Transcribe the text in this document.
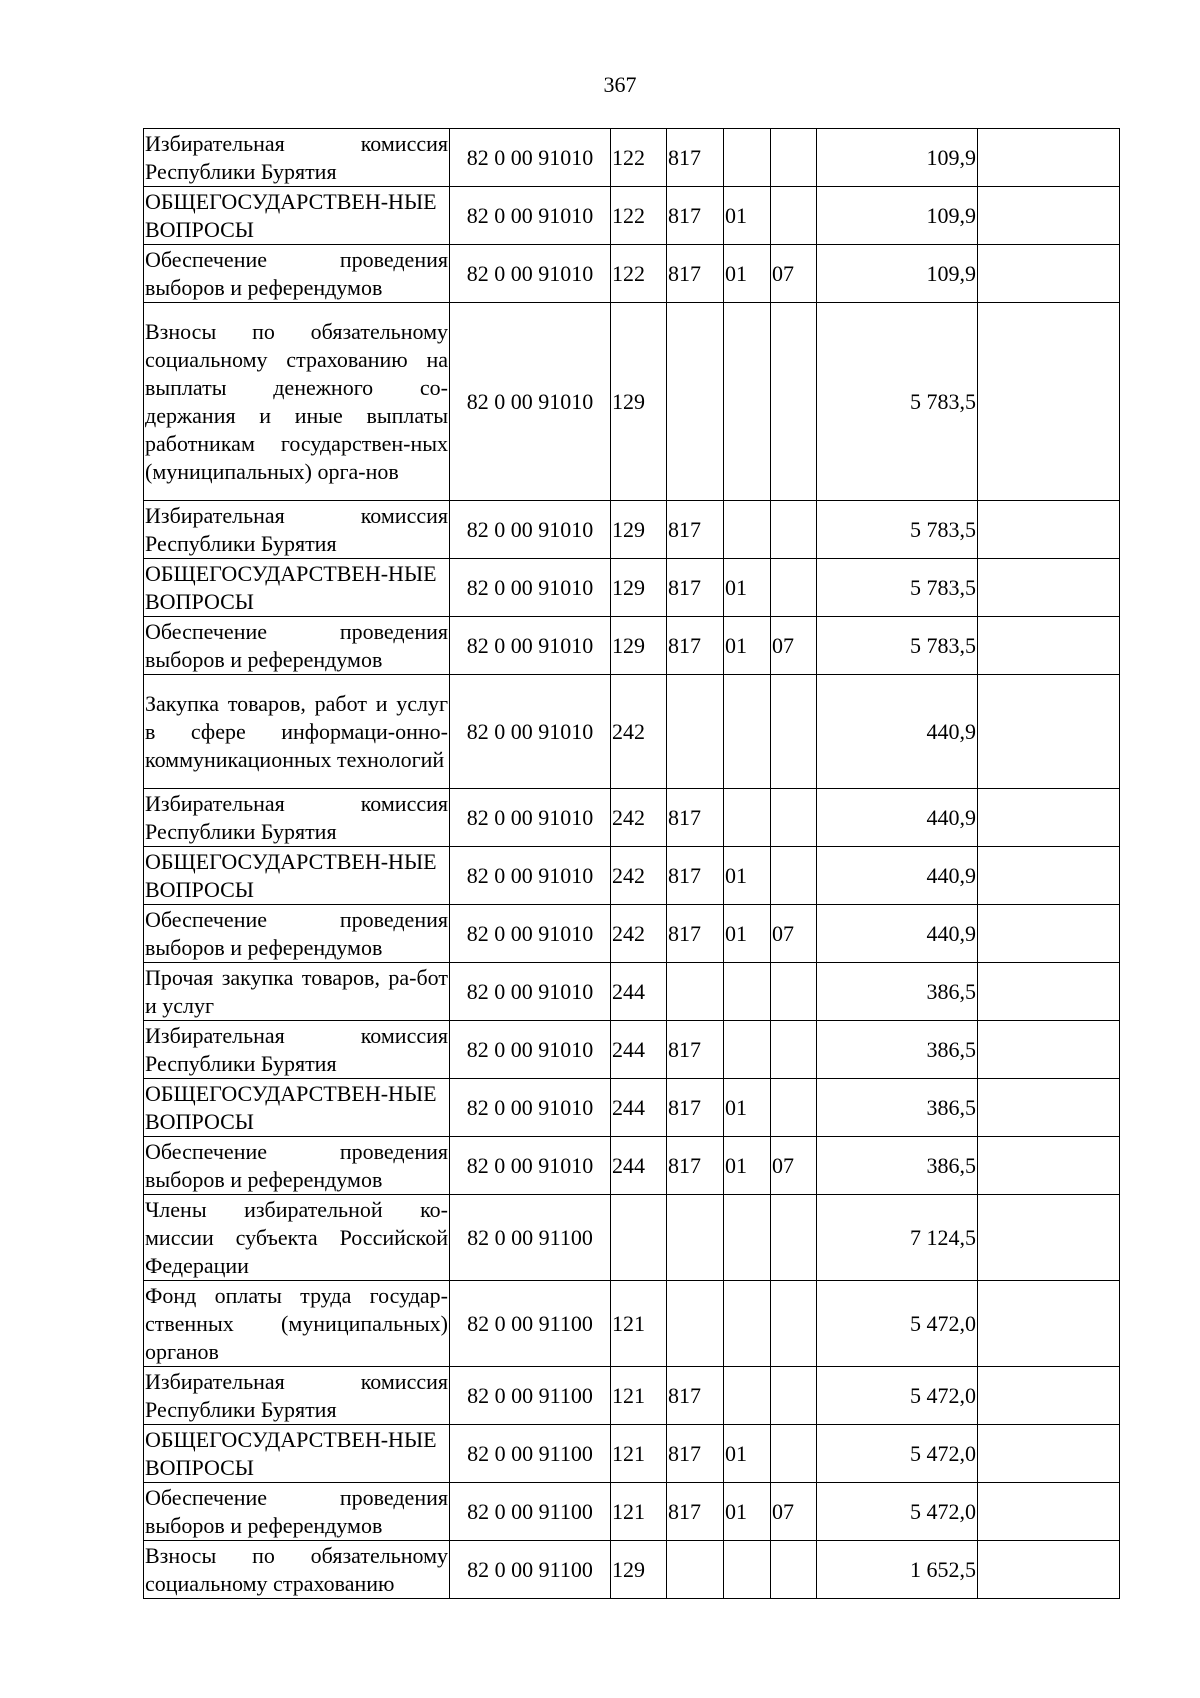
367
Избирательная комиссия Республики Бурятия	82 0 00 91010	122	817			109,9	
ОБЩЕГОСУДАРСТВЕН-НЫЕ ВОПРОСЫ	82 0 00 91010	122	817	01		109,9	
Обеспечение проведения выборов и референдумов	82 0 00 91010	122	817	01	07	109,9	
Взносы по обязательному социальному страхованию на выплаты денежного со-держания и иные выплаты работникам государствен-ных (муниципальных) орга-нов	82 0 00 91010	129				5 783,5	
Избирательная комиссия Республики Бурятия	82 0 00 91010	129	817			5 783,5	
ОБЩЕГОСУДАРСТВЕН-НЫЕ ВОПРОСЫ	82 0 00 91010	129	817	01		5 783,5	
Обеспечение проведения выборов и референдумов	82 0 00 91010	129	817	01	07	5 783,5	
Закупка товаров, работ и услуг в сфере информаци-онно-коммуникационных технологий	82 0 00 91010	242				440,9	
Избирательная комиссия Республики Бурятия	82 0 00 91010	242	817			440,9	
ОБЩЕГОСУДАРСТВЕН-НЫЕ ВОПРОСЫ	82 0 00 91010	242	817	01		440,9	
Обеспечение проведения выборов и референдумов	82 0 00 91010	242	817	01	07	440,9	
Прочая закупка товаров, ра-бот и услуг	82 0 00 91010	244				386,5	
Избирательная комиссия Республики Бурятия	82 0 00 91010	244	817			386,5	
ОБЩЕГОСУДАРСТВЕН-НЫЕ ВОПРОСЫ	82 0 00 91010	244	817	01		386,5	
Обеспечение проведения выборов и референдумов	82 0 00 91010	244	817	01	07	386,5	
Члены избирательной ко-миссии субъекта Российской Федерации	82 0 00 91100					7 124,5	
Фонд оплаты труда государ-ственных (муниципальных) органов	82 0 00 91100	121				5 472,0	
Избирательная комиссия Республики Бурятия	82 0 00 91100	121	817			5 472,0	
ОБЩЕГОСУДАРСТВЕН-НЫЕ ВОПРОСЫ	82 0 00 91100	121	817	01		5 472,0	
Обеспечение проведения выборов и референдумов	82 0 00 91100	121	817	01	07	5 472,0	
Взносы по обязательному социальному страхованию	82 0 00 91100	129				1 652,5	
